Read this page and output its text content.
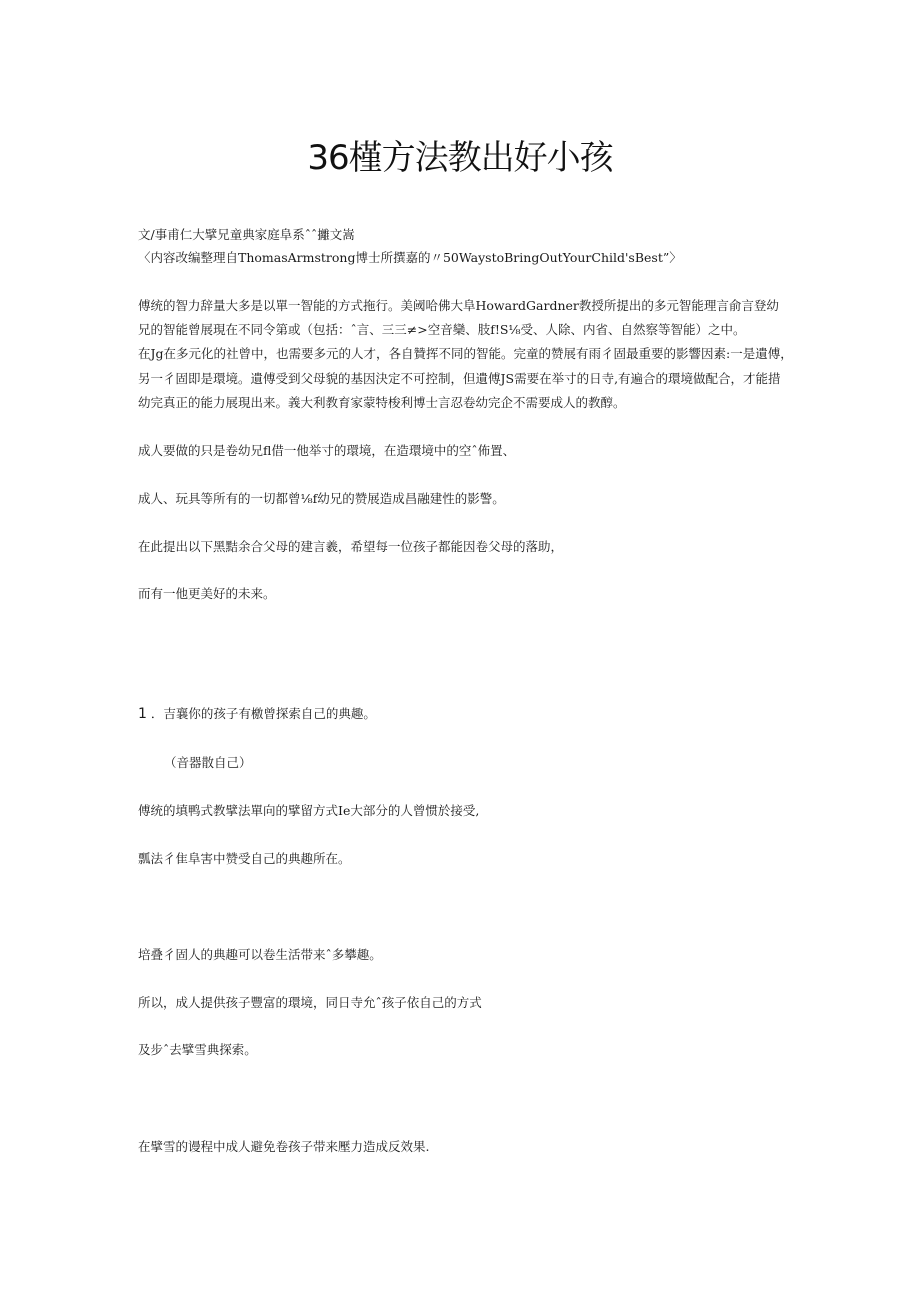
36槿方法教出好小孩
文/事甫仁大擘兄童典家庭阜系ˆˆ攡文嵩
〈内容改编整理自ThomasArmstrong博士所撰嘉的〃50WaystoBringOutYourChild'sBest”〉
傅统的智力辞量大多是以單一智能的方式拖行。美阈哈佛大阜HowardGardner教授所提出的多元智能理言俞言登幼
兄的智能曾展現在不同令第或（包括：ˆ言、三三≠>空音欒、肢f!S⅛受、人除、内省、自然察等智能）之中。
在Jg在多元化的社曾中，也需要多元的人才，各自贊挥不同的智能。完童的赞展有雨彳固最重要的影響因素:一是遺傅，
另一彳固即是環境。遺傅受到父母貌的基因決定不可控制，但遺傅JS需要在举寸的日寺,有遍合的環境做配合，才能措
幼完真正的能力展現出来。義大利教育家蒙特梭利博士言忍卷幼完企不需要成人的教醇。
成人要做的只是卷幼兄fl借一他举寸的環境，在造環境中的空ˆ佈置、
成人、玩具等所有的一切都曾⅛f幼兄的赞展造成昌融建性的影警。
在此提出以下黑黠余合父母的建言羲，希望每一位孩子都能因卷父母的落助，
而有一他更美好的未来。
1 ．吉襄你的孩子有檄曾探索自己的典趣。
（音器散自己）
傅统的填鸭式教擘法單向的擘留方式Ie大部分的人曾惯於接受,
瓢法彳隹阜害中赞受自己的典趣所在。
培叠彳固人的典趣可以卷生活带来ˆ多攀趣。
所以，成人提供孩子豐富的環境，同日寺允ˆ孩子依自己的方式
及步ˆ去擘雪典探索。
在擘雪的谩程中成人避免卷孩子带来壓力造成反效果.
